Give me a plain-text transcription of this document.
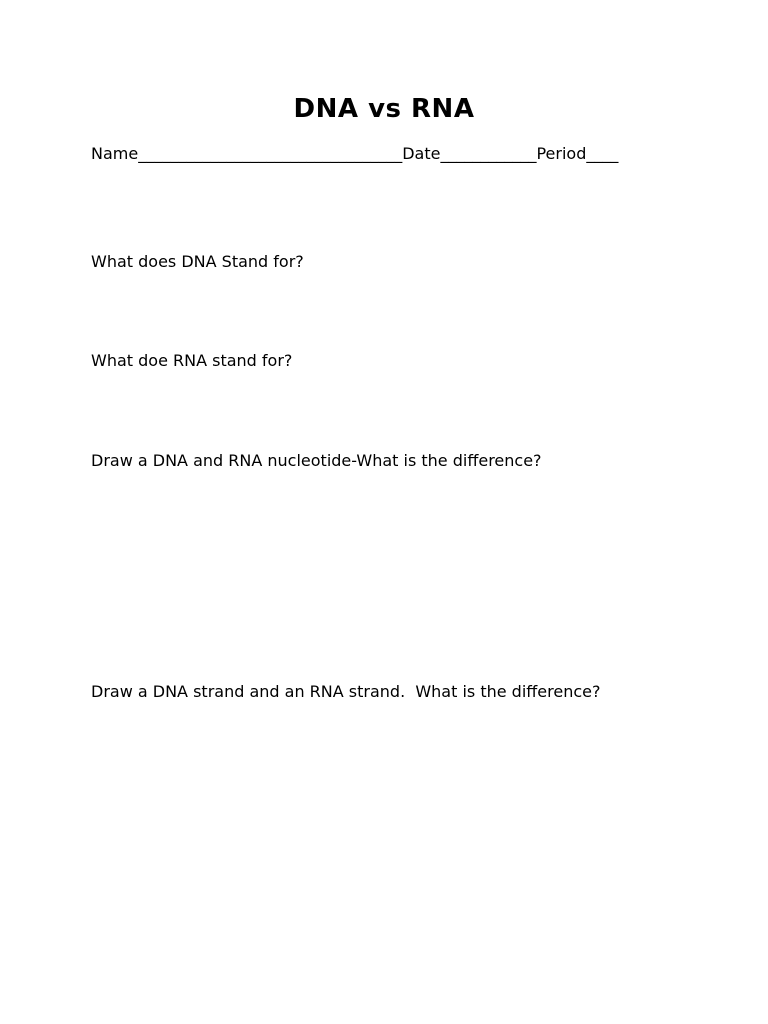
DNA vs RNA
Name_________________________________Date____________Period____

What does DNA Stand for?

What doe RNA stand for?

Draw a DNA and RNA nucleotide-What is the difference?

Draw a DNA strand and an RNA strand.  What is the difference?
